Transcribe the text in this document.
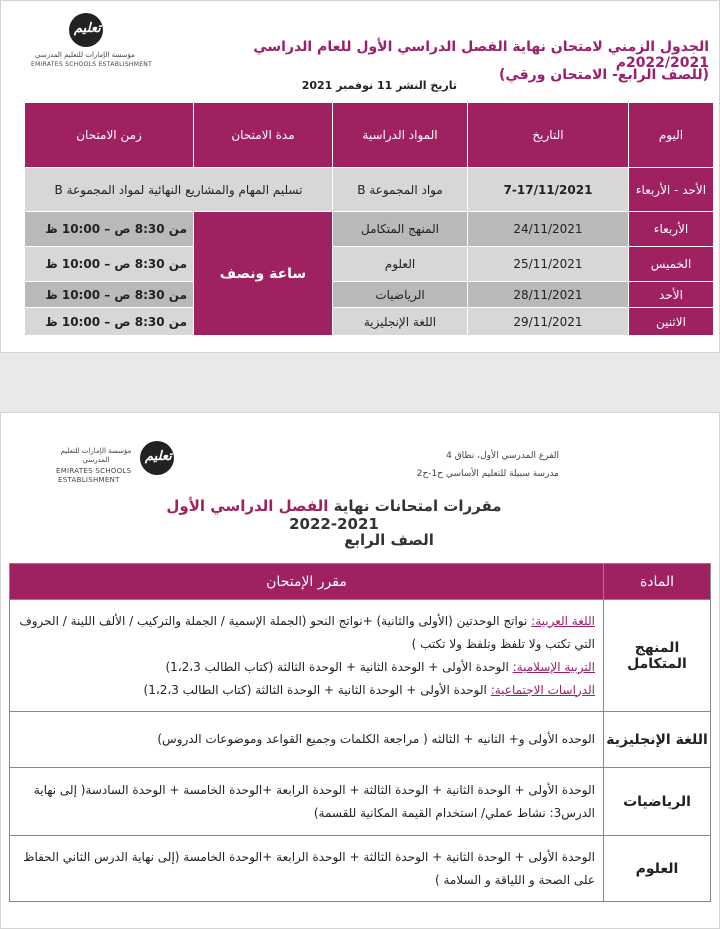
تعليم
مؤسسة الإمارات للتعليم المدرسي
EMIRATES SCHOOLS ESTABLISHMENT
الجدول الزمني لامتحان نهاية الفصل الدراسي الأول للعام الدراسي 2022/2021م
(للصف الرابع- الامتحان ورقي)
تاريخ النشر 11 نوفمبر 2021
اليوم	التاريخ	المواد الدراسية	مدة الامتحان	زمن الامتحان
الأحد - الأربعاء	7-17/11/2021	مواد المجموعة B	تسليم المهام والمشاريع النهائية لمواد المجموعة B	
الأربعاء	24/11/2021	المنهج المتكامل	ساعة ونصف	من 8:30 ص – 10:00 ظ
الخميس	25/11/2021	العلوم		من 8:30 ص – 10:00 ظ
الأحد	28/11/2021	الرياضيات		من 8:30 ص – 10:00 ظ
الاثنين	29/11/2021	اللغة الإنجليزية		من 8:30 ص – 10:00 ظ
تعليم
مؤسسة الإمارات للتعليم المدرسي
EMIRATES SCHOOLS
ESTABLISHMENT
الفرع المدرسي الأول، نطاق 4
مدرسة سبيلة للتعليم الأساسي ح1-ح2
مقررات امتحانات نهاية الفصل الدراسي الأول 2021-2022
الصف الرابع
المادة	مقرر الإمتحان
المنهج المتكامل	اللغة العربية: نواتج الوحدتين (الأولى والثانية) +نواتج النحو (الجملة الإسمية / الجملة والتركيب / الألف اللينة / الحروف التي تكتب ولا تلفظ وتلفظ ولا تكتب )
التربية الإسلامية: الوحدة الأولى + الوحدة الثانية + الوحدة الثالثة (كتاب الطالب 1،2،3)
الدراسات الاجتماعية: الوحدة الأولى + الوحدة الثانية + الوحدة الثالثة (كتاب الطالب 1،2،3)

اللغة الإنجليزية	الوحده الأولى و+ الثانيه + الثالثه ( مراجعة الكلمات وجميع القواعد وموضوعات الدروس)
الرياضيات	الوحدة الأولى + الوحدة الثانية + الوحدة الثالثة + الوحدة الرابعة +الوحدة الخامسة + الوحدة السادسة( إلى نهاية الدرس3: نشاط عملي/ استخدام القيمة المكانية للقسمة)
العلوم	الوحدة الأولى + الوحدة الثانية + الوحدة الثالثة + الوحدة الرابعة +الوحدة الخامسة (إلى نهاية الدرس الثاني الحفاظ على الصحة و اللياقة و السلامة )
